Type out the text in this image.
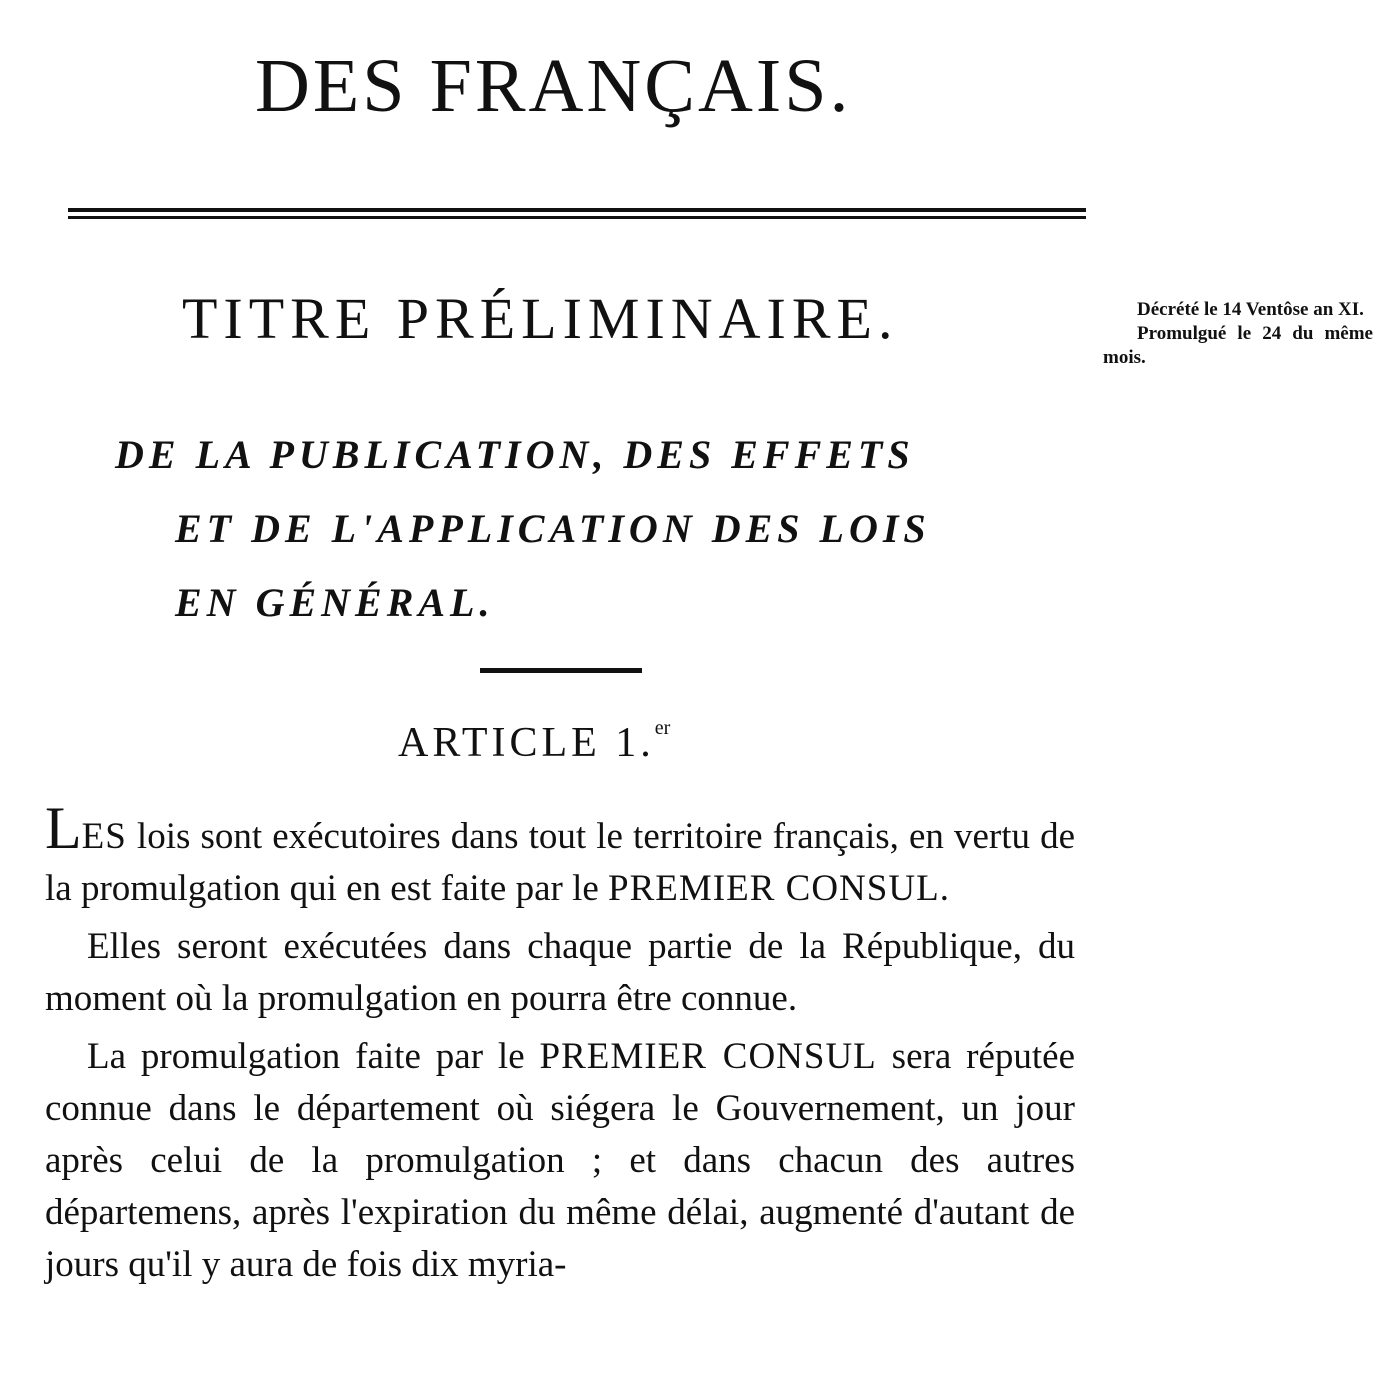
DES FRANÇAIS.
TITRE PRÉLIMINAIRE.
DE LA PUBLICATION, DES EFFETS
ET DE L'APPLICATION DES LOIS
EN GÉNÉRAL.
ARTICLE 1.$^{er}$

Décrété le 14 Ventôse an XI.

Promulgué le 24 du même mois.

LES lois sont exécutoires dans tout le territoire français, en vertu de la promulgation qui en est faite par le PREMIER CONSUL.

Elles seront exécutées dans chaque partie de la République, du moment où la promulgation en pourra être connue.

La promulgation faite par le PREMIER CONSUL sera réputée connue dans le département où siégera le Gouvernement, un jour après celui de la promulgation ; et dans chacun des autres départemens, après l'expiration du même délai, augmenté d'autant de jours qu'il y aura de fois dix myria-
